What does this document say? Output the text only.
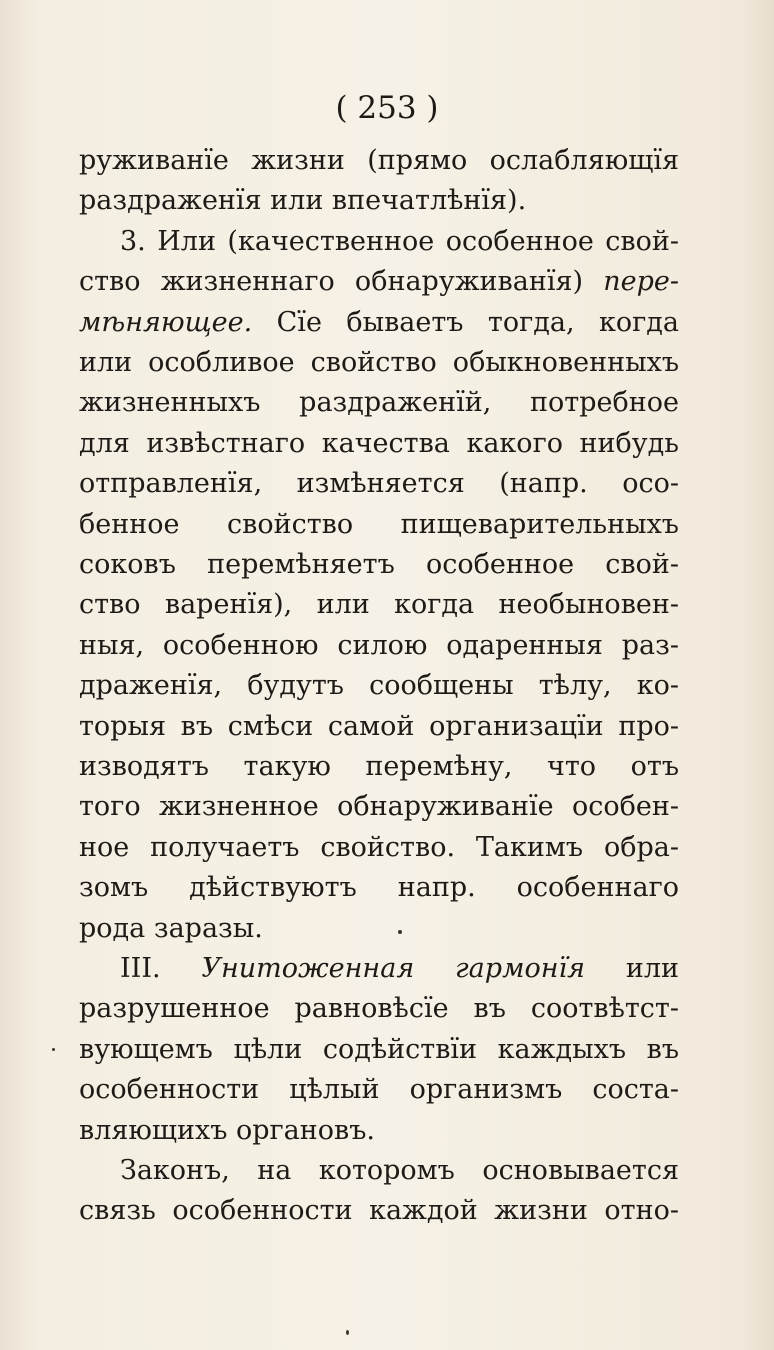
( 253 )
руживанїе жизни (прямо ослабляющїя
раздраженїя или впечатлѣнїя).
3. Или (качественное особенное свой-
ство жизненнаго обнаруживанїя) пере-
мѣняющее. Сїе бываетъ тогда, когда
или особливое свойство обыкновенныхъ
жизненныхъ раздраженїй, потребное
для извѣстнаго качества какого нибудь
отправленїя, измѣняется (напр. осо-
бенное свойство пищеварительныхъ
соковъ перемѣняетъ особенное свой-
ство варенїя), или когда необыновен-
ныя, особенною силою одаренныя раз-
драженїя, будутъ сообщены тѣлу, ко-
торыя въ смѣси самой организацїи про-
изводятъ такую перемѣну, что отъ
того жизненное обнаруживанїе особен-
ное получаетъ свойство. Такимъ обра-
зомъ дѣйствуютъ напр. особеннаго
рода заразы.
III. Унитоженная гармонїя или
разрушенное равновѣсїе въ соотвѣтст-
вующемъ цѣли содѣйствїи каждыхъ въ
особенности цѣлый организмъ соста-
вляющихъ органовъ.
Законъ, на которомъ основывается
связь особенности каждой жизни отно-
